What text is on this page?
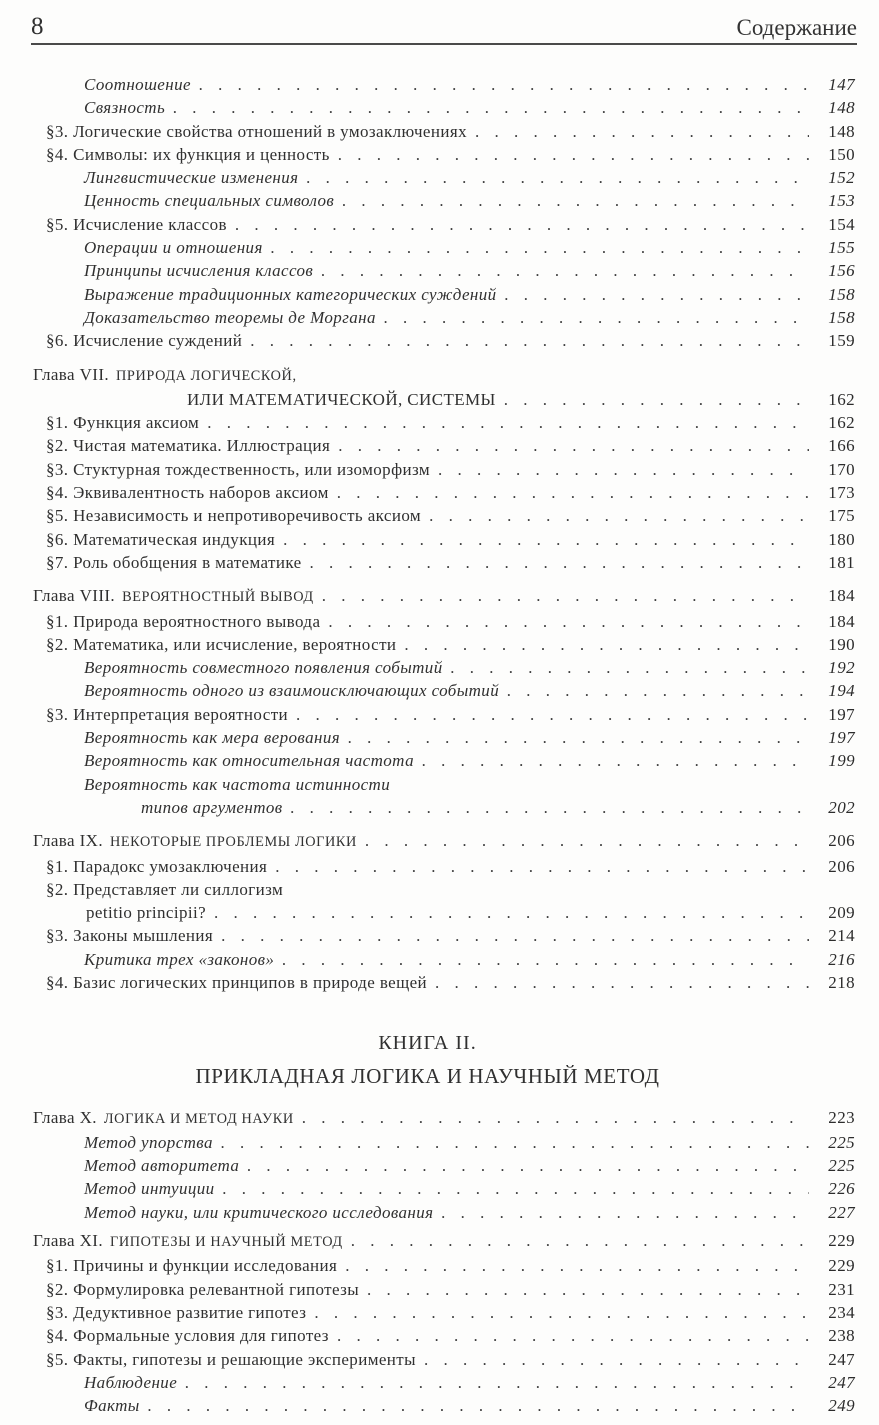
8	Содержание
Соотношение . . .	147
Связность . . .	148
§3. Логические свойства отношений в умозаключениях . . .	148
§4. Символы: их функция и ценность . . .	150
Лингвистические изменения . . .	152
Ценность специальных символов . . .	153
§5. Исчисление классов . . .	154
Операции и отношения . . .	155
Принципы исчисления классов . . .	156
Выражение традиционных категорических суждений . . .	158
Доказательство теоремы де Моргана . . .	158
§6. Исчисление суждений . . .	159
Глава VII. ПРИРОДА ЛОГИЧЕСКОЙ,
ИЛИ МАТЕМАТИЧЕСКОЙ, СИСТЕМЫ . . .	162
§1. Функция аксиом . . .	162
§2. Чистая математика. Иллюстрация . . .	166
§3. Стуктурная тождественность, или изоморфизм . . .	170
§4. Эквивалентность наборов аксиом . . .	173
§5. Независимость и непротиворечивость аксиом . . .	175
§6. Математическая индукция . . .	180
§7. Роль обобщения в математике . . .	181
Глава VIII. ВЕРОЯТНОСТНЫЙ ВЫВОД . . .	184
§1. Природа вероятностного вывода . . .	184
§2. Математика, или исчисление, вероятности . . .	190
Вероятность совместного появления событий . . .	192
Вероятность одного из взаимоисключающих событий . . .	194
§3. Интерпретация вероятности . . .	197
Вероятность как мера верования . . .	197
Вероятность как относительная частота . . .	199
Вероятность как частота истинности
типов аргументов . . .	202
Глава IX. НЕКОТОРЫЕ ПРОБЛЕМЫ ЛОГИКИ . . .	206
§1. Парадокс умозаключения . . .	206
§2. Представляет ли силлогизм
petitio principii? . . .	209
§3. Законы мышления . . .	214
Критика трех «законов» . . .	216
§4. Базис логических принципов в природе вещей . . .	218
КНИГА II.
ПРИКЛАДНАЯ ЛОГИКА И НАУЧНЫЙ МЕТОД
Глава X. ЛОГИКА И МЕТОД НАУКИ . . .	223
Метод упорства . . .	225
Метод авторитета . . .	225
Метод интуиции . . .	226
Метод науки, или критического исследования . . .	227
Глава XI. ГИПОТЕЗЫ И НАУЧНЫЙ МЕТОД . . .	229
§1. Причины и функции исследования . . .	229
§2. Формулировка релевантной гипотезы . . .	231
§3. Дедуктивное развитие гипотез . . .	234
§4. Формальные условия для гипотез . . .	238
§5. Факты, гипотезы и решающие эксперименты . . .	247
Наблюдение . . .	247
Факты . . .	249
